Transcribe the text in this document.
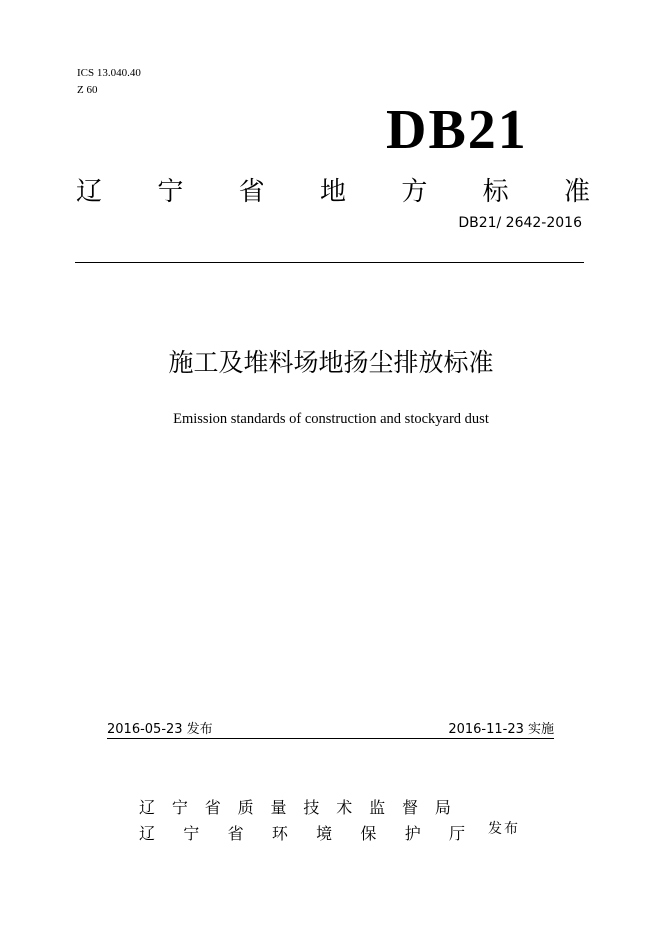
ICS 13.040.40
Z 60
DB21
辽 宁 省 地 方 标 准
DB21/ 2642-2016
施工及堆料场地扬尘排放标准
Emission standards of construction and stockyard dust
2016-05-23 发布	2016-11-23 实施
辽 宁 省 质 量 技 术 监 督 局
辽 宁 省 环 境 保 护 厅 发布
